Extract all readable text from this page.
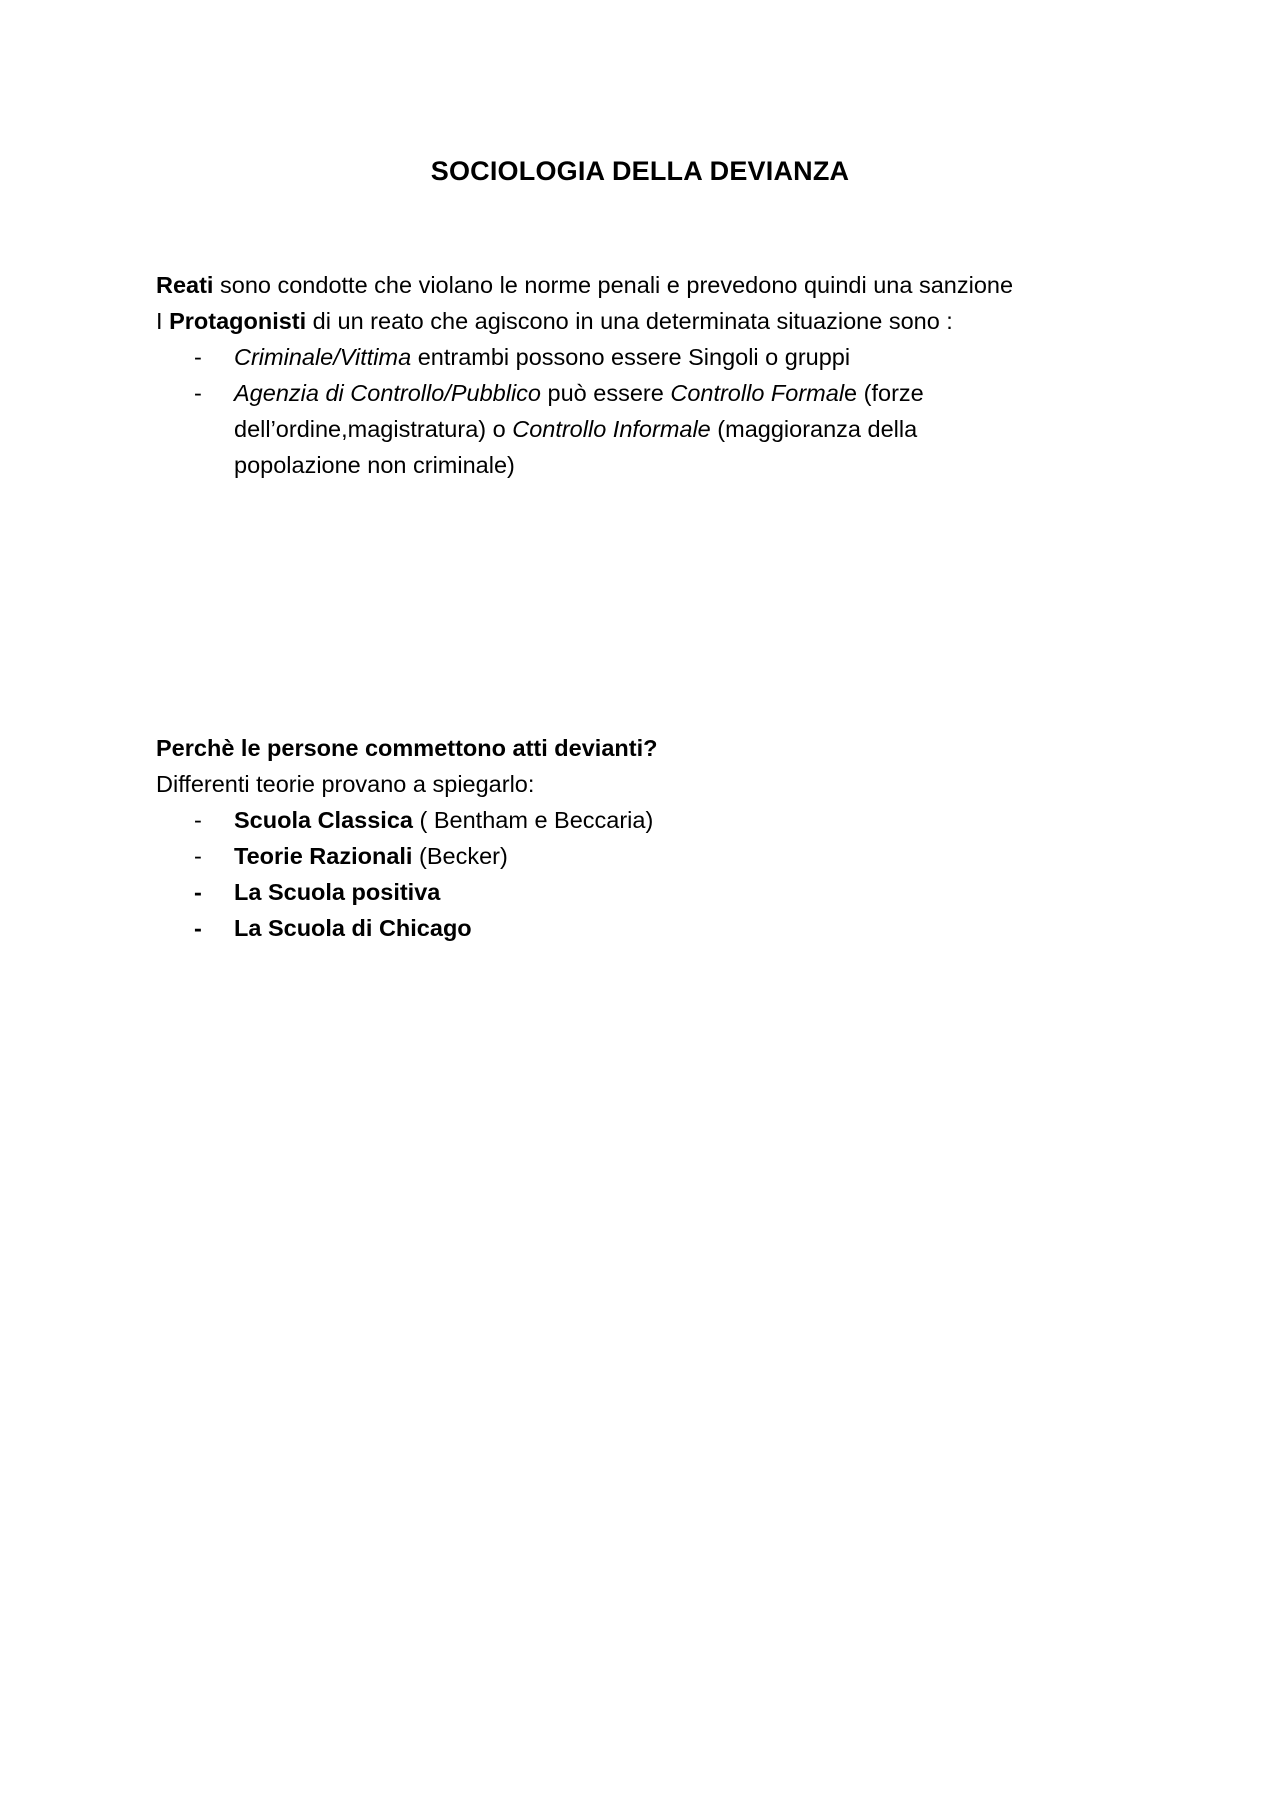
SOCIOLOGIA DELLA DEVIANZA
Reati sono condotte che violano le norme penali e prevedono quindi una sanzione
I Protagonisti di un reato che agiscono in una determinata situazione sono :
- Criminale/Vittima entrambi possono essere Singoli o gruppi
- Agenzia di Controllo/Pubblico può essere Controllo Formale (forze
dell’ordine,magistratura) o Controllo Informale (maggioranza della
popolazione non criminale)
Perchè le persone commettono atti devianti?
Differenti teorie provano a spiegarlo:
- Scuola Classica ( Bentham e Beccaria)
- Teorie Razionali (Becker)
- La Scuola positiva
- La Scuola di Chicago
